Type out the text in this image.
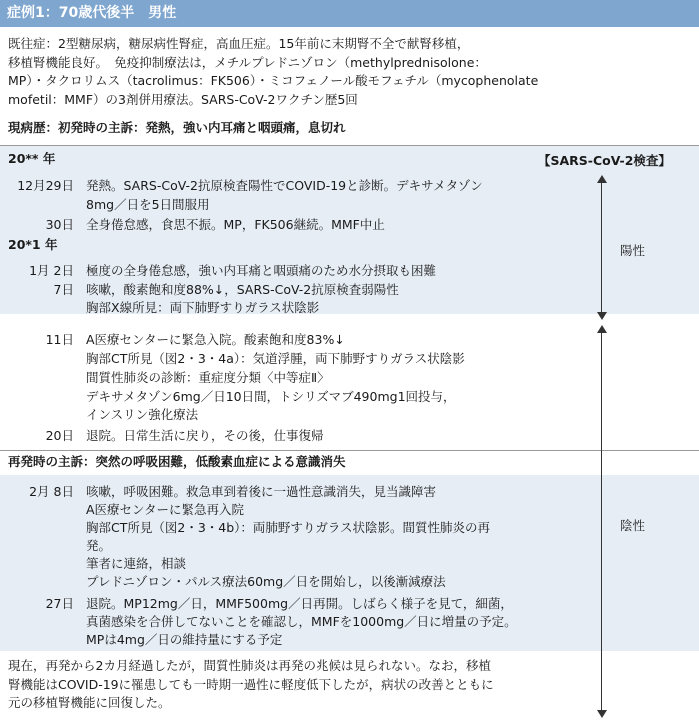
症例1：70歳代後半　男性
既往症：2型糖尿病，糖尿病性腎症，高血圧症。15年前に末期腎不全で献腎移植，
移植腎機能良好。　免疫抑制療法は，メチルプレドニゾロン（methylprednisolone：
MP）・タクロリムス（tacrolimus：FK506）・ミコフェノール酸モフェチル（mycophenolate
mofetil：MMF）の3剤併用療法。SARS-CoV-2ワクチン歴5回
現病歴：初発時の主訴：発熱，強い内耳痛と咽頭痛，息切れ
20** 年	【SARS-CoV-2検査】
12月29日 発熱。SARS-CoV-2抗原検査陽性でCOVID-19と診断。デキサメタゾン
8mg／日を5日間服用
30日 全身倦怠感，食思不振。MP，FK506継続。MMF中止
20*1 年
1月 2日 極度の全身倦怠感，強い内耳痛と咽頭痛のため水分摂取も困難
7日 咳嗽，酸素飽和度88%↓，SARS-CoV-2抗原検査弱陽性
胸部X線所見：両下肺野すりガラス状陰影
11日 A医療センターに緊急入院。酸素飽和度83%↓
胸部CT所見（図2・3・4a）：気道浮腫，両下肺野すりガラス状陰影
間質性肺炎の診断：重症度分類〈中等症Ⅱ〉
デキサメタゾン6mg／日10日間，トシリズマブ490mg1回投与，
インスリン強化療法
20日 退院。日常生活に戻り，その後，仕事復帰
再発時の主訴：突然の呼吸困難，低酸素血症による意識消失
2月 8日 咳嗽，呼吸困難。救急車到着後に一過性意識消失，見当識障害
A医療センターに緊急再入院
胸部CT所見（図2・3・4b）：両肺野すりガラス状陰影。間質性肺炎の再
発。
筆者に連絡，相談
プレドニゾロン・パルス療法60mg／日を開始し，以後漸減療法
27日 退院。MP12mg／日，MMF500mg／日再開。しばらく様子を見て，細菌，
真菌感染を合併してないことを確認し，MMFを1000mg／日に増量の予定。
MPは4mg／日の維持量にする予定
現在，再発から2カ月経過したが，間質性肺炎は再発の兆候は見られない。なお，移植
腎機能はCOVID-19に罹患しても一時期一過性に軽度低下したが，病状の改善とともに
元の移植腎機能に回復した。
陽性
陰性
